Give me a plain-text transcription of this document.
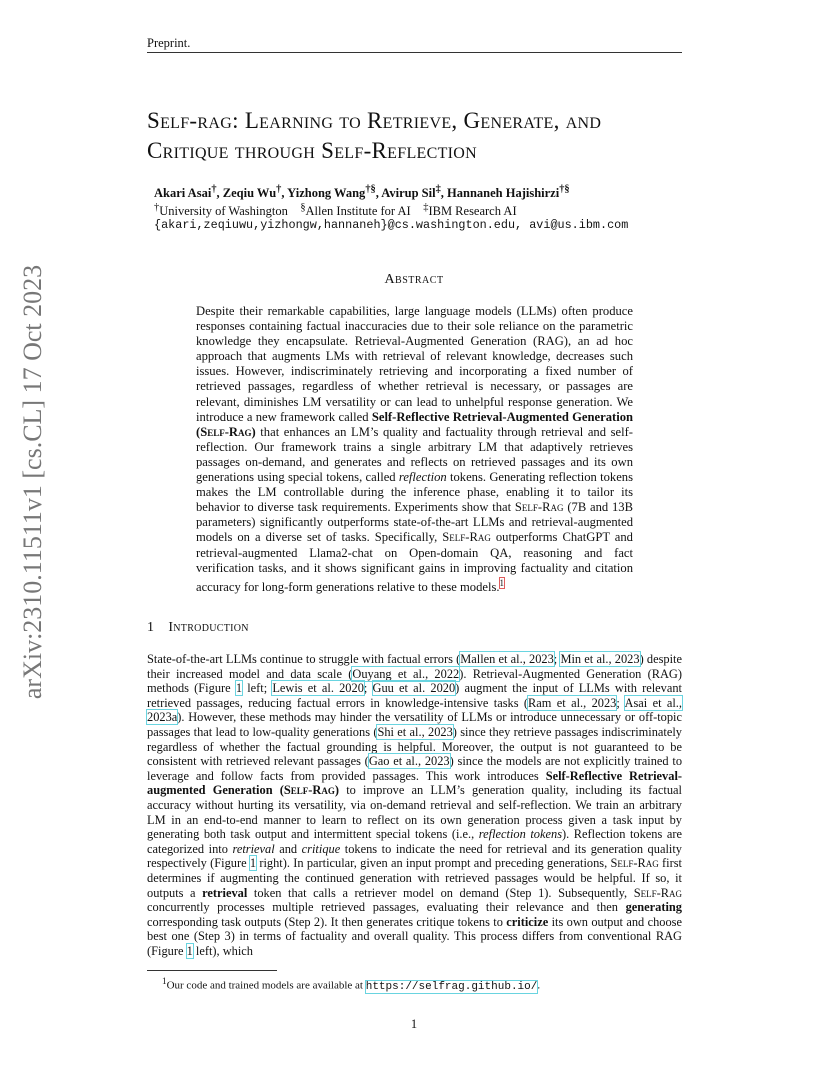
Preprint.
arXiv:2310.11511v1 [cs.CL] 17 Oct 2023
Self-rag: Learning to Retrieve, Generate, and
Critique through Self-Reflection
Akari Asai†, Zeqiu Wu†, Yizhong Wang†§, Avirup Sil‡, Hannaneh Hajishirzi†§
†University of Washington §Allen Institute for AI ‡IBM Research AI
{akari,zeqiuwu,yizhongw,hannaneh}@cs.washington.edu, avi@us.ibm.com
Abstract
Despite their remarkable capabilities, large language models (LLMs) often produce responses containing factual inaccuracies due to their sole reliance on the parametric knowledge they encapsulate. Retrieval-Augmented Generation (RAG), an ad hoc approach that augments LMs with retrieval of relevant knowledge, decreases such issues. However, indiscriminately retrieving and incorporating a fixed number of retrieved passages, regardless of whether retrieval is necessary, or passages are relevant, diminishes LM versatility or can lead to unhelpful response generation. We introduce a new framework called Self-Reflective Retrieval-Augmented Generation (Self-Rag) that enhances an LM’s quality and factuality through retrieval and self-reflection. Our framework trains a single arbitrary LM that adaptively retrieves passages on-demand, and generates and reflects on retrieved passages and its own generations using special tokens, called reflection tokens. Generating reflection tokens makes the LM controllable during the inference phase, enabling it to tailor its behavior to diverse task requirements. Experiments show that Self-Rag (7B and 13B parameters) significantly outperforms state-of-the-art LLMs and retrieval-augmented models on a diverse set of tasks. Specifically, Self-Rag outperforms ChatGPT and retrieval-augmented Llama2-chat on Open-domain QA, reasoning and fact verification tasks, and it shows significant gains in improving factuality and citation accuracy for long-form generations relative to these models.$^1$
1 Introduction
State-of-the-art LLMs continue to struggle with factual errors (Mallen et al., 2023; Min et al., 2023) despite their increased model and data scale (Ouyang et al., 2022). Retrieval-Augmented Generation (RAG) methods (Figure 1 left; Lewis et al. 2020; Guu et al. 2020) augment the input of LLMs with relevant retrieved passages, reducing factual errors in knowledge-intensive tasks (Ram et al., 2023; Asai et al., 2023a). However, these methods may hinder the versatility of LLMs or introduce unnecessary or off-topic passages that lead to low-quality generations (Shi et al., 2023) since they retrieve passages indiscriminately regardless of whether the factual grounding is helpful. Moreover, the output is not guaranteed to be consistent with retrieved relevant passages (Gao et al., 2023) since the models are not explicitly trained to leverage and follow facts from provided passages. This work introduces Self-Reflective Retrieval-augmented Generation (Self-Rag) to improve an LLM’s generation quality, including its factual accuracy without hurting its versatility, via on-demand retrieval and self-reflection. We train an arbitrary LM in an end-to-end manner to learn to reflect on its own generation process given a task input by generating both task output and intermittent special tokens (i.e., reflection tokens). Reflection tokens are categorized into retrieval and critique tokens to indicate the need for retrieval and its generation quality respectively (Figure 1 right). In particular, given an input prompt and preceding generations, Self-Rag first determines if augmenting the continued generation with retrieved passages would be helpful. If so, it outputs a retrieval token that calls a retriever model on demand (Step 1). Subsequently, Self-Rag concurrently processes multiple retrieved passages, evaluating their relevance and then generating corresponding task outputs (Step 2). It then generates critique tokens to criticize its own output and choose best one (Step 3) in terms of factuality and overall quality. This process differs from conventional RAG (Figure 1 left), which
$^1$Our code and trained models are available at https://selfrag.github.io/.
1
